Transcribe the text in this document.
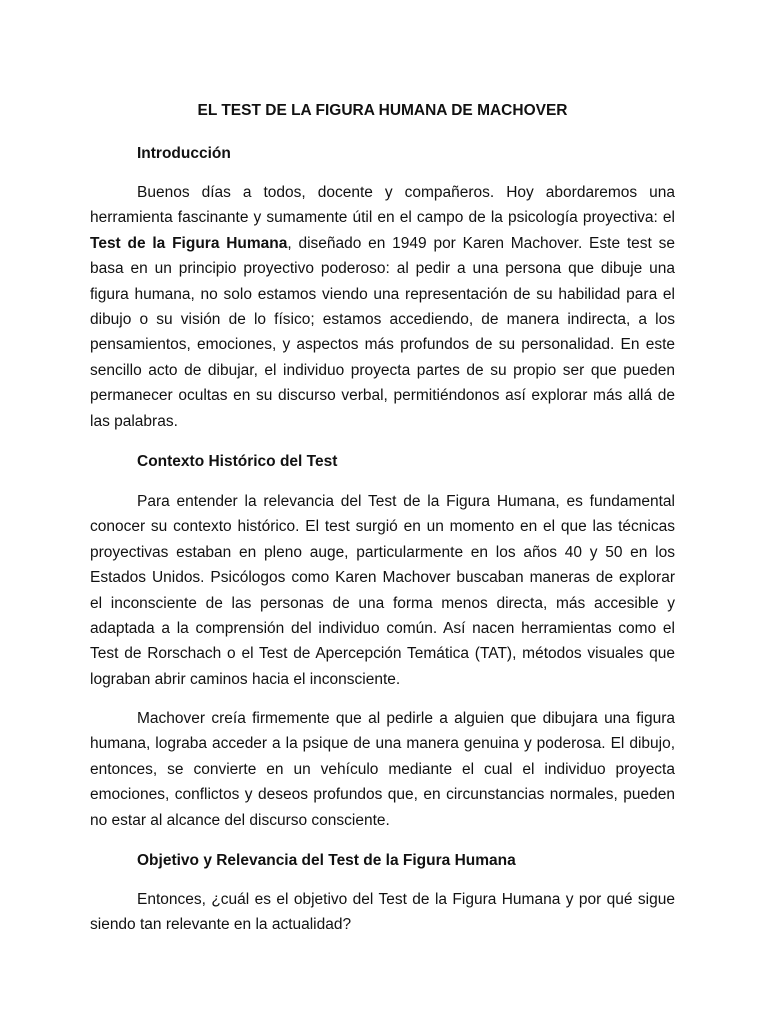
EL TEST DE LA FIGURA HUMANA DE MACHOVER
Introducción

Buenos días a todos, docente y compañeros. Hoy abordaremos una herramienta fascinante y sumamente útil en el campo de la psicología proyectiva: el Test de la Figura Humana, diseñado en 1949 por Karen Machover. Este test se basa en un principio proyectivo poderoso: al pedir a una persona que dibuje una figura humana, no solo estamos viendo una representación de su habilidad para el dibujo o su visión de lo físico; estamos accediendo, de manera indirecta, a los pensamientos, emociones, y aspectos más profundos de su personalidad. En este sencillo acto de dibujar, el individuo proyecta partes de su propio ser que pueden permanecer ocultas en su discurso verbal, permitiéndonos así explorar más allá de las palabras.

Contexto Histórico del Test

Para entender la relevancia del Test de la Figura Humana, es fundamental conocer su contexto histórico. El test surgió en un momento en el que las técnicas proyectivas estaban en pleno auge, particularmente en los años 40 y 50 en los Estados Unidos. Psicólogos como Karen Machover buscaban maneras de explorar el inconsciente de las personas de una forma menos directa, más accesible y adaptada a la comprensión del individuo común. Así nacen herramientas como el Test de Rorschach o el Test de Apercepción Temática (TAT), métodos visuales que lograban abrir caminos hacia el inconsciente.

Machover creía firmemente que al pedirle a alguien que dibujara una figura humana, lograba acceder a la psique de una manera genuina y poderosa. El dibujo, entonces, se convierte en un vehículo mediante el cual el individuo proyecta emociones, conflictos y deseos profundos que, en circunstancias normales, pueden no estar al alcance del discurso consciente.

Objetivo y Relevancia del Test de la Figura Humana

Entonces, ¿cuál es el objetivo del Test de la Figura Humana y por qué sigue siendo tan relevante en la actualidad?
